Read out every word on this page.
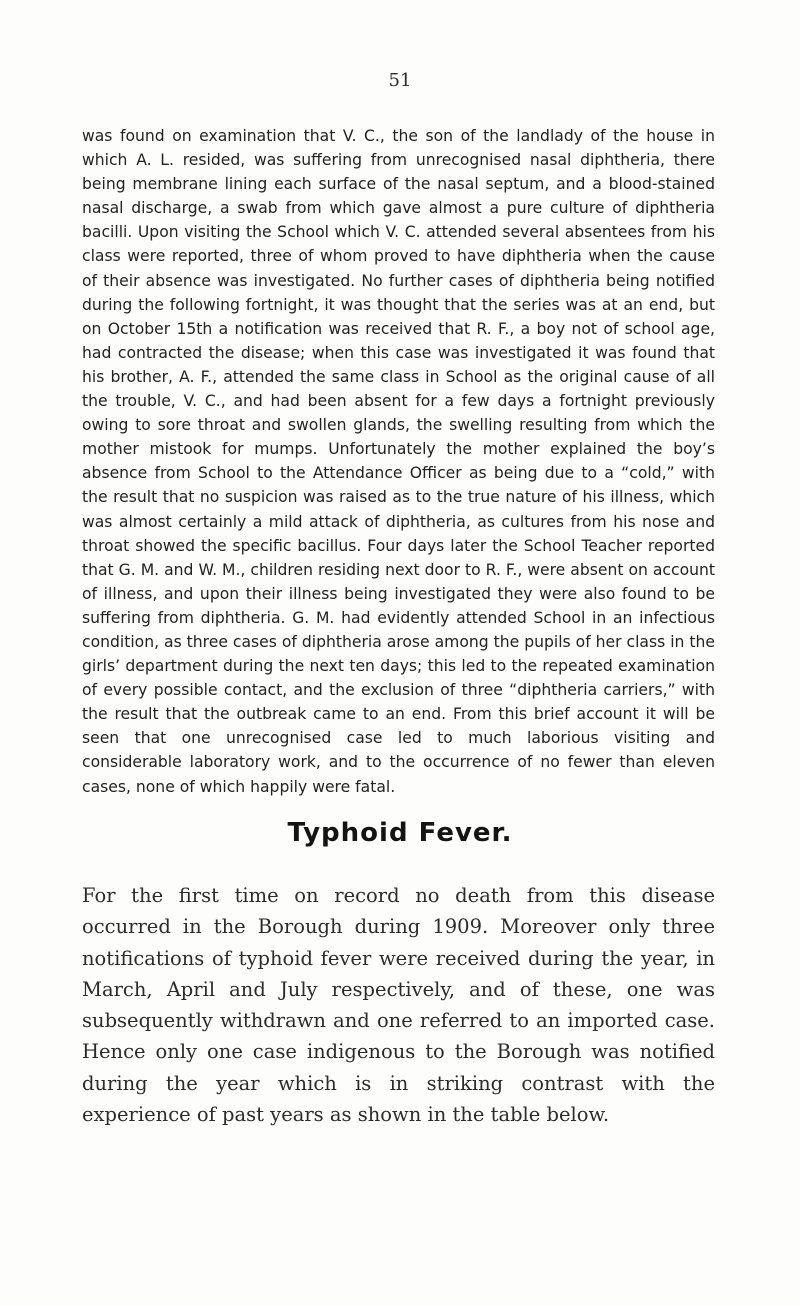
51

was found on examination that V. C., the son of the landlady of the house in which A. L. resided, was suffering from unrecognised nasal diphtheria, there being membrane lining each surface of the nasal septum, and a blood-stained nasal discharge, a swab from which gave almost a pure culture of diphtheria bacilli. Upon visiting the School which V. C. attended several absentees from his class were reported, three of whom proved to have diphtheria when the cause of their absence was investigated. No further cases of diphtheria being notified during the following fortnight, it was thought that the series was at an end, but on October 15th a notification was received that R. F., a boy not of school age, had contracted the disease; when this case was investigated it was found that his brother, A. F., attended the same class in School as the original cause of all the trouble, V. C., and had been absent for a few days a fortnight previously owing to sore throat and swollen glands, the swelling resulting from which the mother mistook for mumps. Unfortunately the mother explained the boy’s absence from School to the Attendance Officer as being due to a “cold,” with the result that no suspicion was raised as to the true nature of his illness, which was almost certainly a mild attack of diphtheria, as cultures from his nose and throat showed the specific bacillus. Four days later the School Teacher reported that G. M. and W. M., children residing next door to R. F., were absent on account of illness, and upon their illness being investigated they were also found to be suffering from diphtheria. G. M. had evidently attended School in an infectious condition, as three cases of diphtheria arose among the pupils of her class in the girls’ department during the next ten days; this led to the repeated examination of every possible contact, and the exclusion of three “diphtheria carriers,” with the result that the outbreak came to an end. From this brief account it will be seen that one unrecognised case led to much laborious visiting and considerable laboratory work, and to the occurrence of no fewer than eleven cases, none of which happily were fatal.

Typhoid Fever.

For the first time on record no death from this disease occurred in the Borough during 1909. Moreover only three notifications of typhoid fever were received during the year, in March, April and July respectively, and of these, one was subsequently withdrawn and one referred to an imported case. Hence only one case indigenous to the Borough was notified during the year which is in striking contrast with the experience of past years as shown in the table below.
